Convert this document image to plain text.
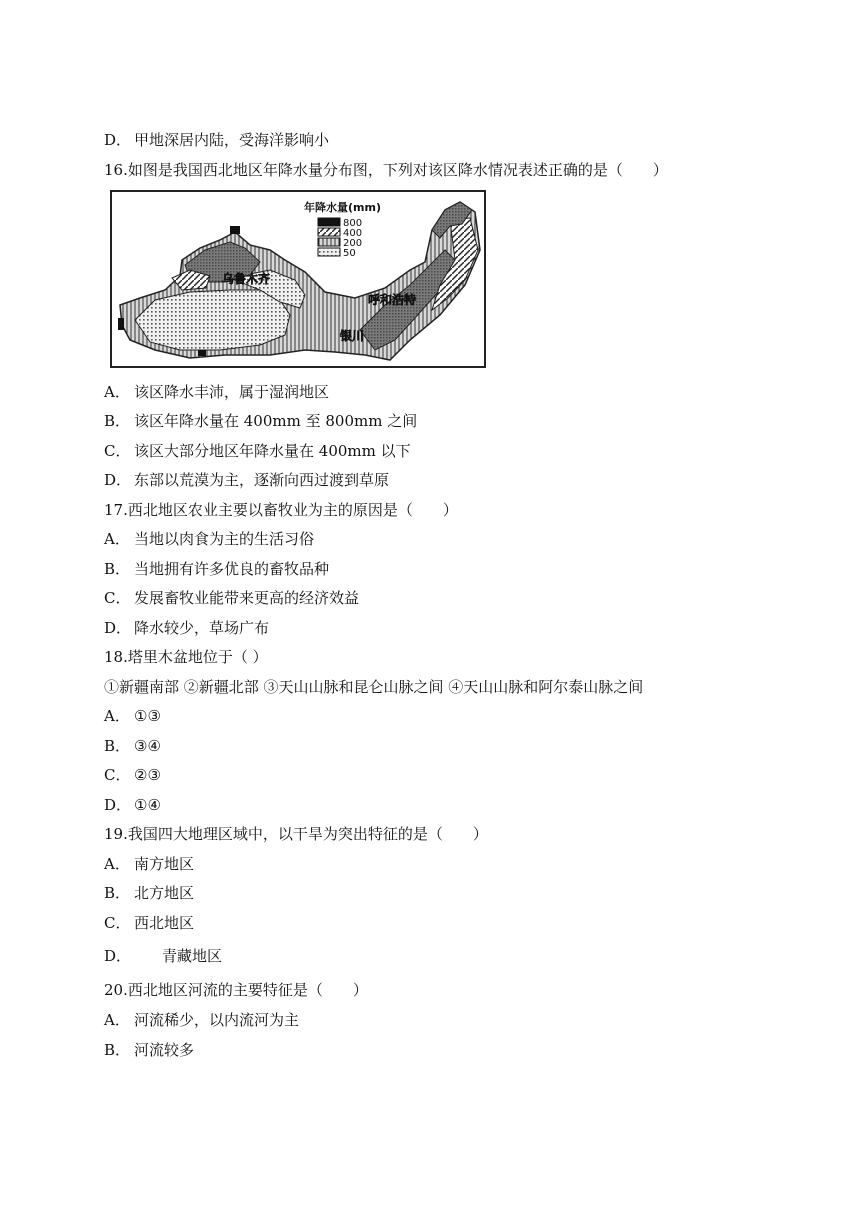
D． 甲地深居内陆，受海洋影响小
16.如图是我国西北地区年降水量分布图，下列对该区降水情况表述正确的是（　　）
年降水量(mm)
800
400
200
50
乌鲁木齐
呼和浩特
银川
A． 该区降水丰沛，属于湿润地区
B． 该区年降水量在 400mm 至 800mm 之间
C． 该区大部分地区年降水量在 400mm 以下
D． 东部以荒漠为主，逐渐向西过渡到草原
17.西北地区农业主要以畜牧业为主的原因是（　　）
A． 当地以肉食为主的生活习俗
B． 当地拥有许多优良的畜牧品种
C． 发展畜牧业能带来更高的经济效益
D． 降水较少，草场广布
18.塔里木盆地位于（ ）
①新疆南部 ②新疆北部 ③天山山脉和昆仑山脉之间 ④天山山脉和阿尔泰山脉之间
A． ①③
B． ③④
C． ②③
D． ①④
19.我国四大地理区域中，以干旱为突出特征的是（　　）
A． 南方地区
B． 北方地区
C． 西北地区
D． 青藏地区
20.西北地区河流的主要特征是（　　）
A． 河流稀少，以内流河为主
B． 河流较多
